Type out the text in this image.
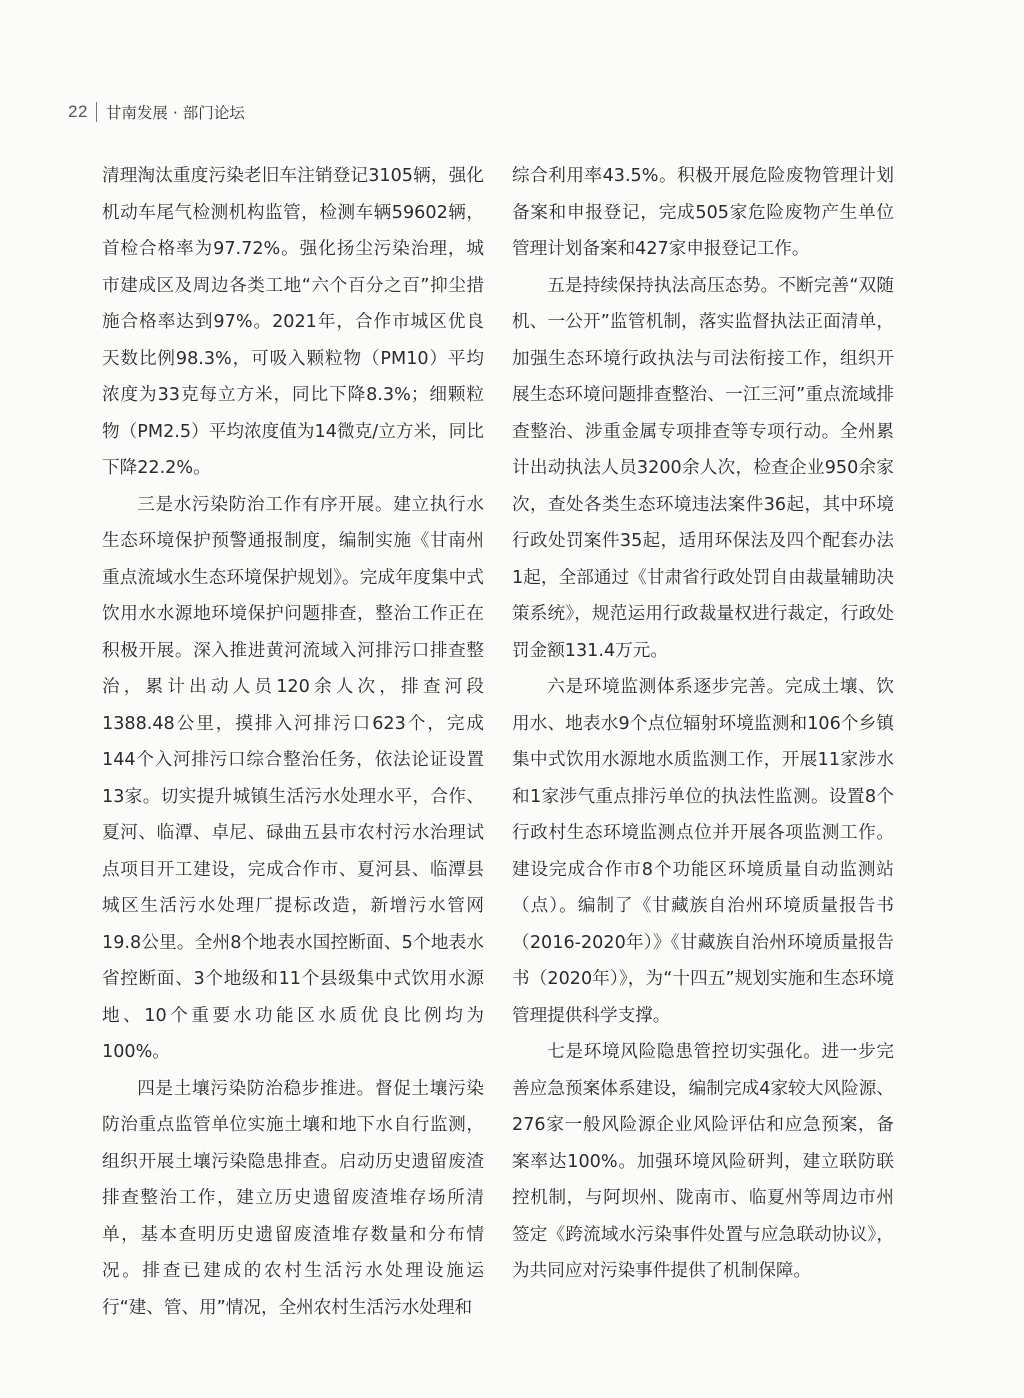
22 甘南发展 · 部门论坛

清理淘汰重度污染老旧车注销登记3105辆，强化机动车尾气检测机构监管，检测车辆59602辆，首检合格率为97.72%。强化扬尘污染治理，城市建成区及周边各类工地“六个百分之百”抑尘措施合格率达到97%。2021年，合作市城区优良天数比例98.3%，可吸入颗粒物（PM10）平均浓度为33克每立方米，同比下降8.3%；细颗粒物（PM2.5）平均浓度值为14微克/立方米，同比下降22.2%。

三是水污染防治工作有序开展。建立执行水生态环境保护预警通报制度，编制实施《甘南州重点流域水生态环境保护规划》。完成年度集中式饮用水水源地环境保护问题排查，整治工作正在积极开展。深入推进黄河流域入河排污口排查整治，累计出动人员120余人次，排查河段1388.48公里，摸排入河排污口623个，完成144个入河排污口综合整治任务，依法论证设置13家。切实提升城镇生活污水处理水平，合作、夏河、临潭、卓尼、碌曲五县市农村污水治理试点项目开工建设，完成合作市、夏河县、临潭县城区生活污水处理厂提标改造，新增污水管网19.8公里。全州8个地表水国控断面、5个地表水省控断面、3个地级和11个县级集中式饮用水源地、10个重要水功能区水质优良比例均为100%。

四是土壤污染防治稳步推进。督促土壤污染防治重点监管单位实施土壤和地下水自行监测，组织开展土壤污染隐患排查。启动历史遗留废渣排查整治工作，建立历史遗留废渣堆存场所清单，基本查明历史遗留废渣堆存数量和分布情况。排查已建成的农村生活污水处理设施运行“建、管、用”情况，全州农村生活污水处理和

综合利用率43.5%。积极开展危险废物管理计划备案和申报登记，完成505家危险废物产生单位管理计划备案和427家申报登记工作。

五是持续保持执法高压态势。不断完善“双随机、一公开”监管机制，落实监督执法正面清单，加强生态环境行政执法与司法衔接工作，组织开展生态环境问题排查整治、一江三河”重点流域排查整治、涉重金属专项排查等专项行动。全州累计出动执法人员3200余人次，检查企业950余家次，查处各类生态环境违法案件36起，其中环境行政处罚案件35起，适用环保法及四个配套办法1起，全部通过《甘肃省行政处罚自由裁量辅助决策系统》，规范运用行政裁量权进行裁定，行政处罚金额131.4万元。

六是环境监测体系逐步完善。完成土壤、饮用水、地表水9个点位辐射环境监测和106个乡镇集中式饮用水源地水质监测工作，开展11家涉水和1家涉气重点排污单位的执法性监测。设置8个行政村生态环境监测点位并开展各项监测工作。建设完成合作市8个功能区环境质量自动监测站（点）。编制了《甘藏族自治州环境质量报告书（2016-2020年）》《甘藏族自治州环境质量报告书（2020年）》，为“十四五”规划实施和生态环境管理提供科学支撑。

七是环境风险隐患管控切实强化。进一步完善应急预案体系建设，编制完成4家较大风险源、276家一般风险源企业风险评估和应急预案，备案率达100%。加强环境风险研判，建立联防联控机制，与阿坝州、陇南市、临夏州等周边市州签定《跨流域水污染事件处置与应急联动协议》，为共同应对污染事件提供了机制保障。
